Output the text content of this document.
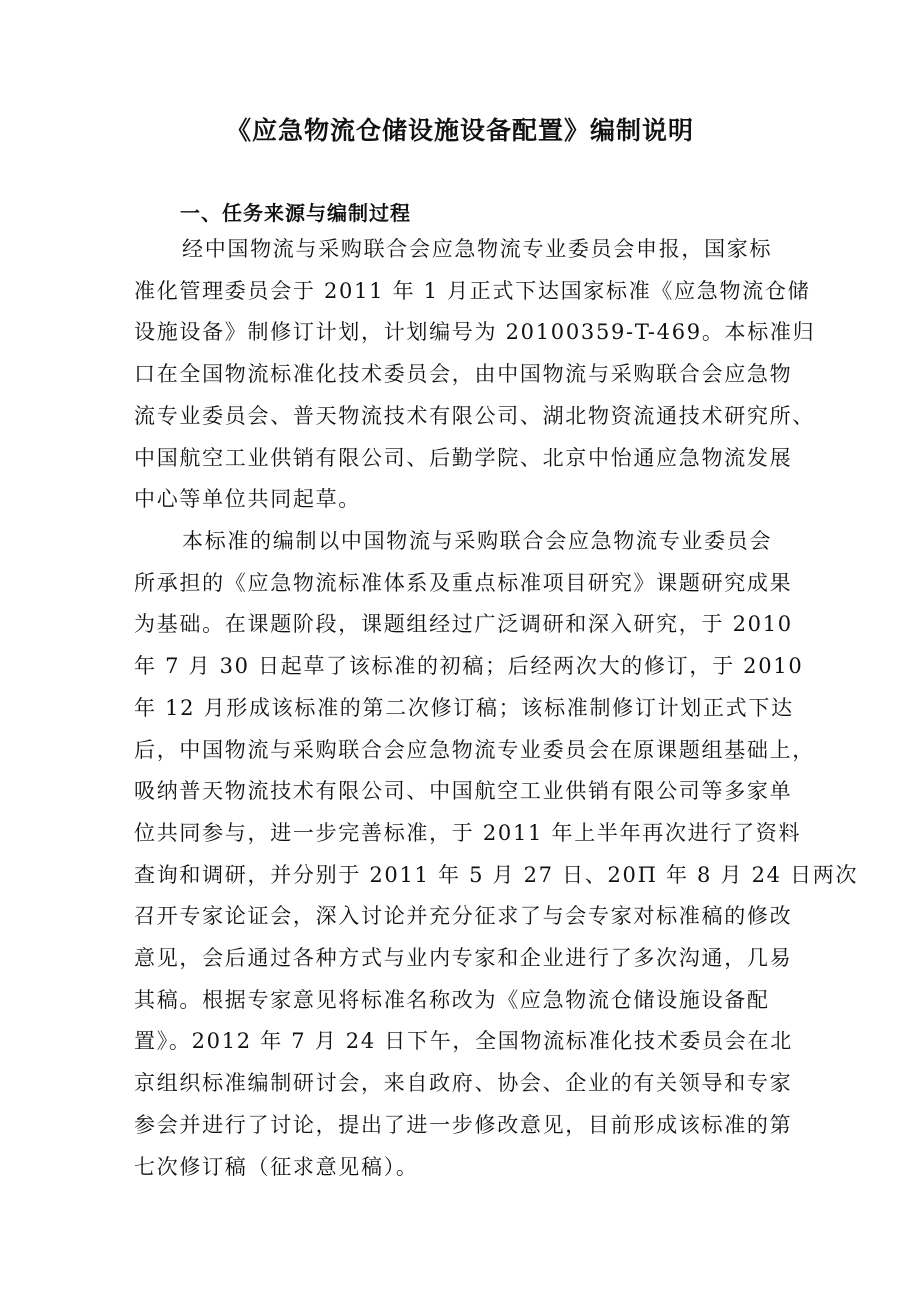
《应急物流仓储设施设备配置》编制说明
一、任务来源与编制过程
经中国物流与采购联合会应急物流专业委员会申报，国家标
准化管理委员会于 2011 年 1 月正式下达国家标准《应急物流仓储
设施设备》制修订计划，计划编号为 20100359-T-469。本标准归
口在全国物流标准化技术委员会，由中国物流与采购联合会应急物
流专业委员会、普天物流技术有限公司、湖北物资流通技术研究所、
中国航空工业供销有限公司、后勤学院、北京中怡通应急物流发展
中心等单位共同起草。
本标准的编制以中国物流与采购联合会应急物流专业委员会
所承担的《应急物流标准体系及重点标准项目研究》课题研究成果
为基础。在课题阶段，课题组经过广泛调研和深入研究，于 2010
年 7 月 30 日起草了该标准的初稿；后经两次大的修订，于 2010
年 12 月形成该标准的第二次修订稿；该标准制修订计划正式下达
后，中国物流与采购联合会应急物流专业委员会在原课题组基础上，
吸纳普天物流技术有限公司、中国航空工业供销有限公司等多家单
位共同参与，进一步完善标准，于 2011 年上半年再次进行了资料
查询和调研，并分别于 2011 年 5 月 27 日、20Π 年 8 月 24 日两次
召开专家论证会，深入讨论并充分征求了与会专家对标准稿的修改
意见，会后通过各种方式与业内专家和企业进行了多次沟通，几易
其稿。根据专家意见将标准名称改为《应急物流仓储设施设备配
置》。2012 年 7 月 24 日下午，全国物流标准化技术委员会在北
京组织标准编制研讨会，来自政府、协会、企业的有关领导和专家
参会并进行了讨论，提出了进一步修改意见，目前形成该标准的第
七次修订稿（征求意见稿）。
